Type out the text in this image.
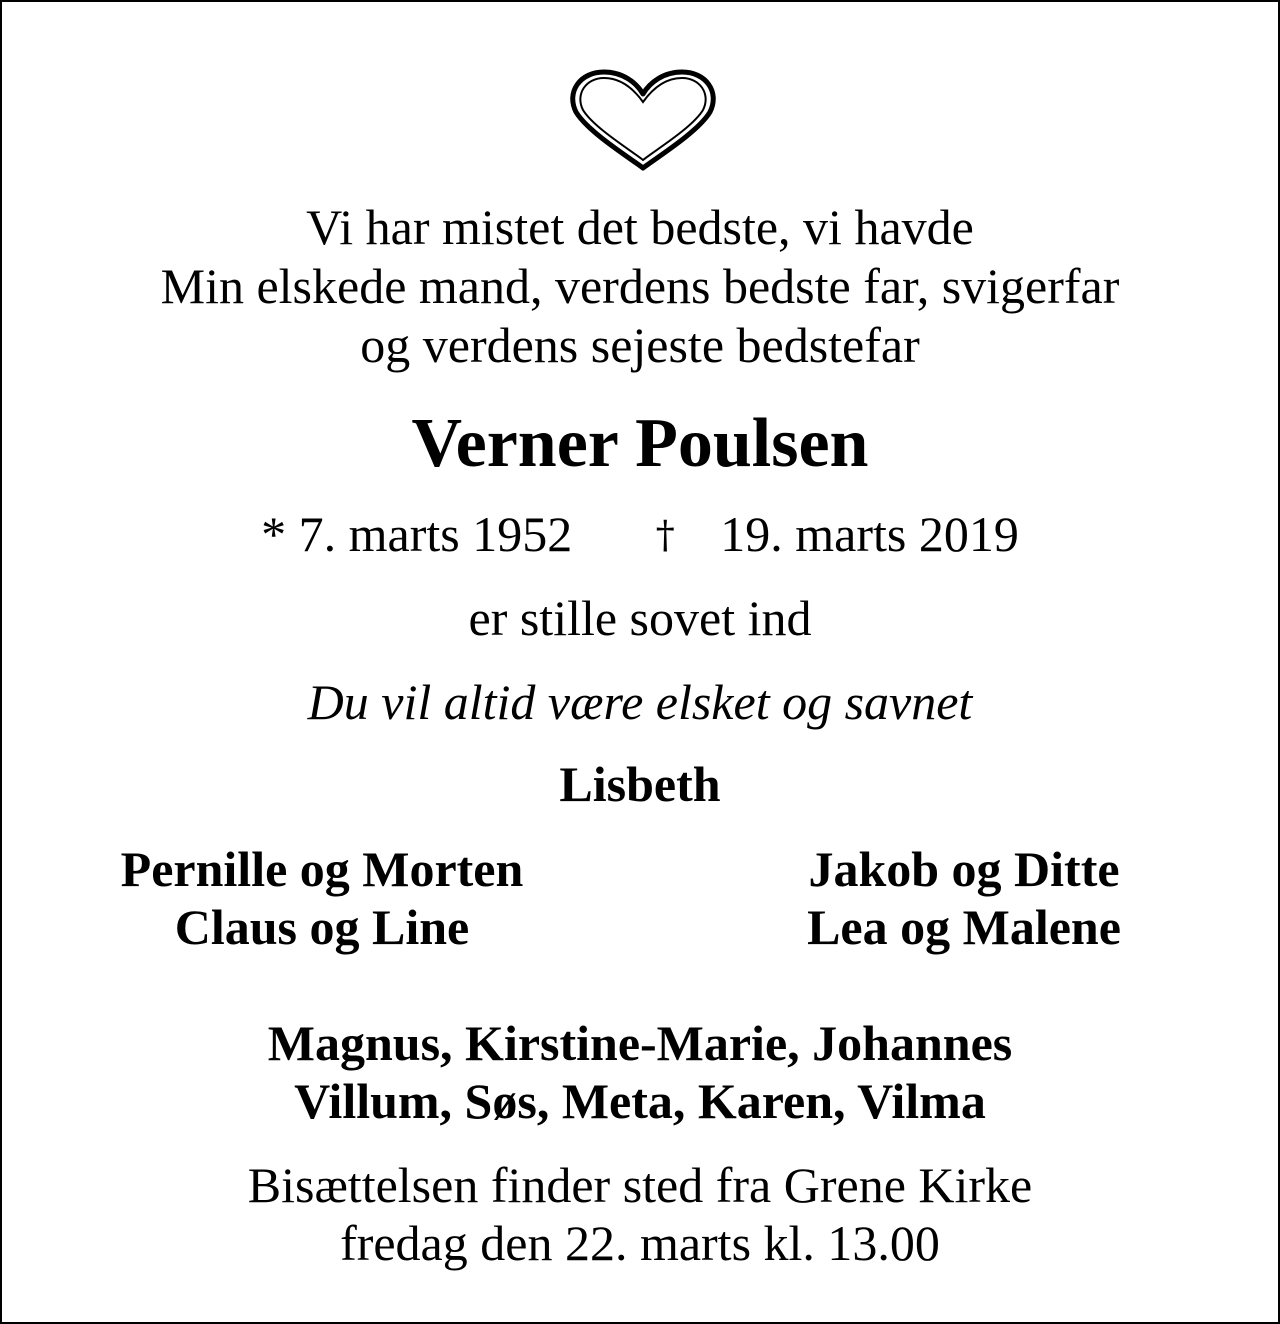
Vi har mistet det bedste, vi havde
Min elskede mand, verdens bedste far, svigerfar
og verdens sejeste bedstefar
Verner Poulsen
* 7. marts 1952 † 19. marts 2019
er stille sovet ind
Du vil altid være elsket og savnet
Lisbeth
Pernille og Morten
Claus og Line
Jakob og Ditte
Lea og Malene
Magnus, Kirstine-Marie, Johannes
Villum, Søs, Meta, Karen, Vilma
Bisættelsen finder sted fra Grene Kirke
fredag den 22. marts kl. 13.00
